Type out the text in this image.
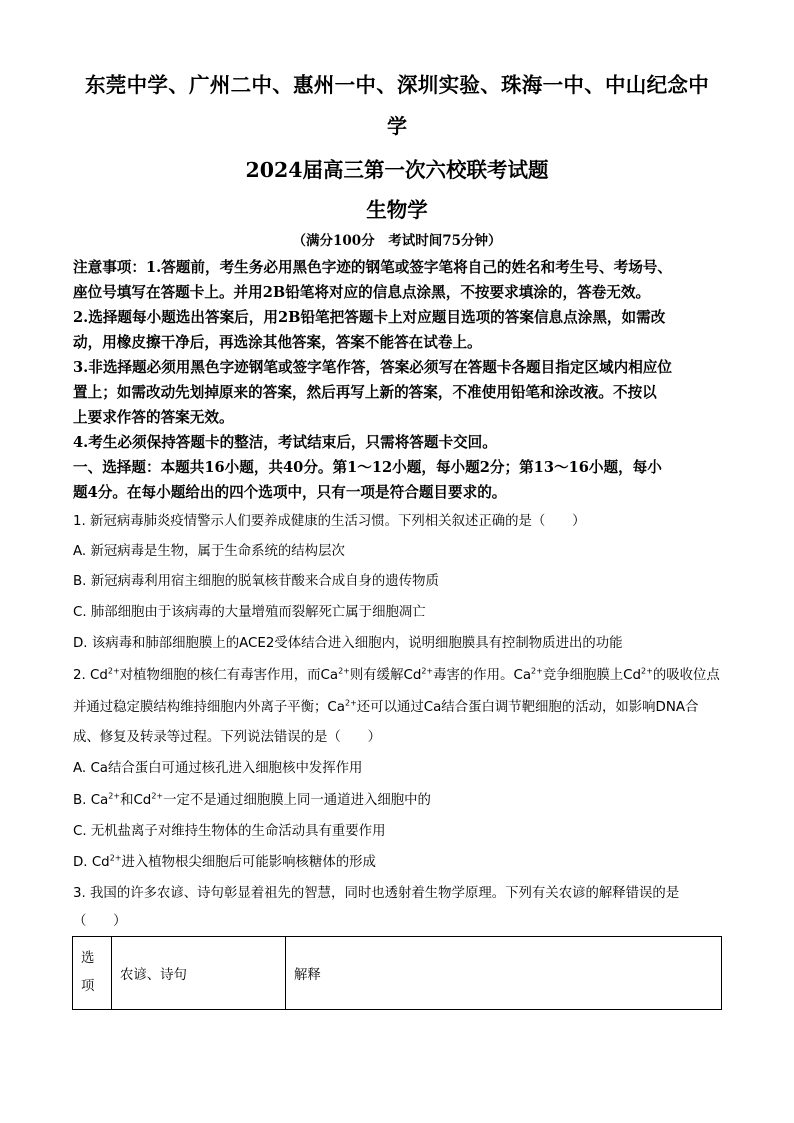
东莞中学、广州二中、惠州一中、深圳实验、珠海一中、中山纪念中
学
2024届高三第一次六校联考试题
生物学
（满分100分　考试时间75分钟）
注意事项：1.答题前，考生务必用黑色字迹的钢笔或签字笔将自己的姓名和考生号、考场号、
座位号填写在答题卡上。并用2B铅笔将对应的信息点涂黑，不按要求填涂的，答卷无效。
2.选择题每小题选出答案后，用2B铅笔把答题卡上对应题目选项的答案信息点涂黑，如需改
动，用橡皮擦干净后，再选涂其他答案，答案不能答在试卷上。
3.非选择题必须用黑色字迹钢笔或签字笔作答，答案必须写在答题卡各题目指定区域内相应位
置上；如需改动先划掉原来的答案，然后再写上新的答案，不准使用铅笔和涂改液。不按以
上要求作答的答案无效。
4.考生必须保持答题卡的整洁，考试结束后，只需将答题卡交回。
一、选择题：本题共16小题，共40分。第1～12小题，每小题2分；第13～16小题，每小
题4分。在每小题给出的四个选项中，只有一项是符合题目要求的。
1. 新冠病毒肺炎疫情警示人们要养成健康的生活习惯。下列相关叙述正确的是（　　）
A. 新冠病毒是生物，属于生命系统的结构层次
B. 新冠病毒利用宿主细胞的脱氧核苷酸来合成自身的遗传物质
C. 肺部细胞由于该病毒的大量增殖而裂解死亡属于细胞凋亡
D. 该病毒和肺部细胞膜上的ACE2受体结合进入细胞内，说明细胞膜具有控制物质进出的功能
2. $Cd^{2+}$对植物细胞的核仁有毒害作用，而$Ca^{2+}$则有缓解$Cd^{2+}$毒害的作用。$Ca^{2+}$竞争细胞膜上$Cd^{2+}$的吸收位点
并通过稳定膜结构维持细胞内外离子平衡；$Ca^{2+}$还可以通过Ca结合蛋白调节靶细胞的活动，如影响DNA合
成、修复及转录等过程。下列说法错误的是（　　）
A. Ca结合蛋白可通过核孔进入细胞核中发挥作用
B. $Ca^{2+}$和$Cd^{2+}$一定不是通过细胞膜上同一通道进入细胞中的
C. 无机盐离子对维持生物体的生命活动具有重要作用
D. $Cd^{2+}$进入植物根尖细胞后可能影响核糖体的形成
3. 我国的许多农谚、诗句彰显着祖先的智慧，同时也透射着生物学原理。下列有关农谚的解释错误的是
（　　）
选项	农谚、诗句	解释
